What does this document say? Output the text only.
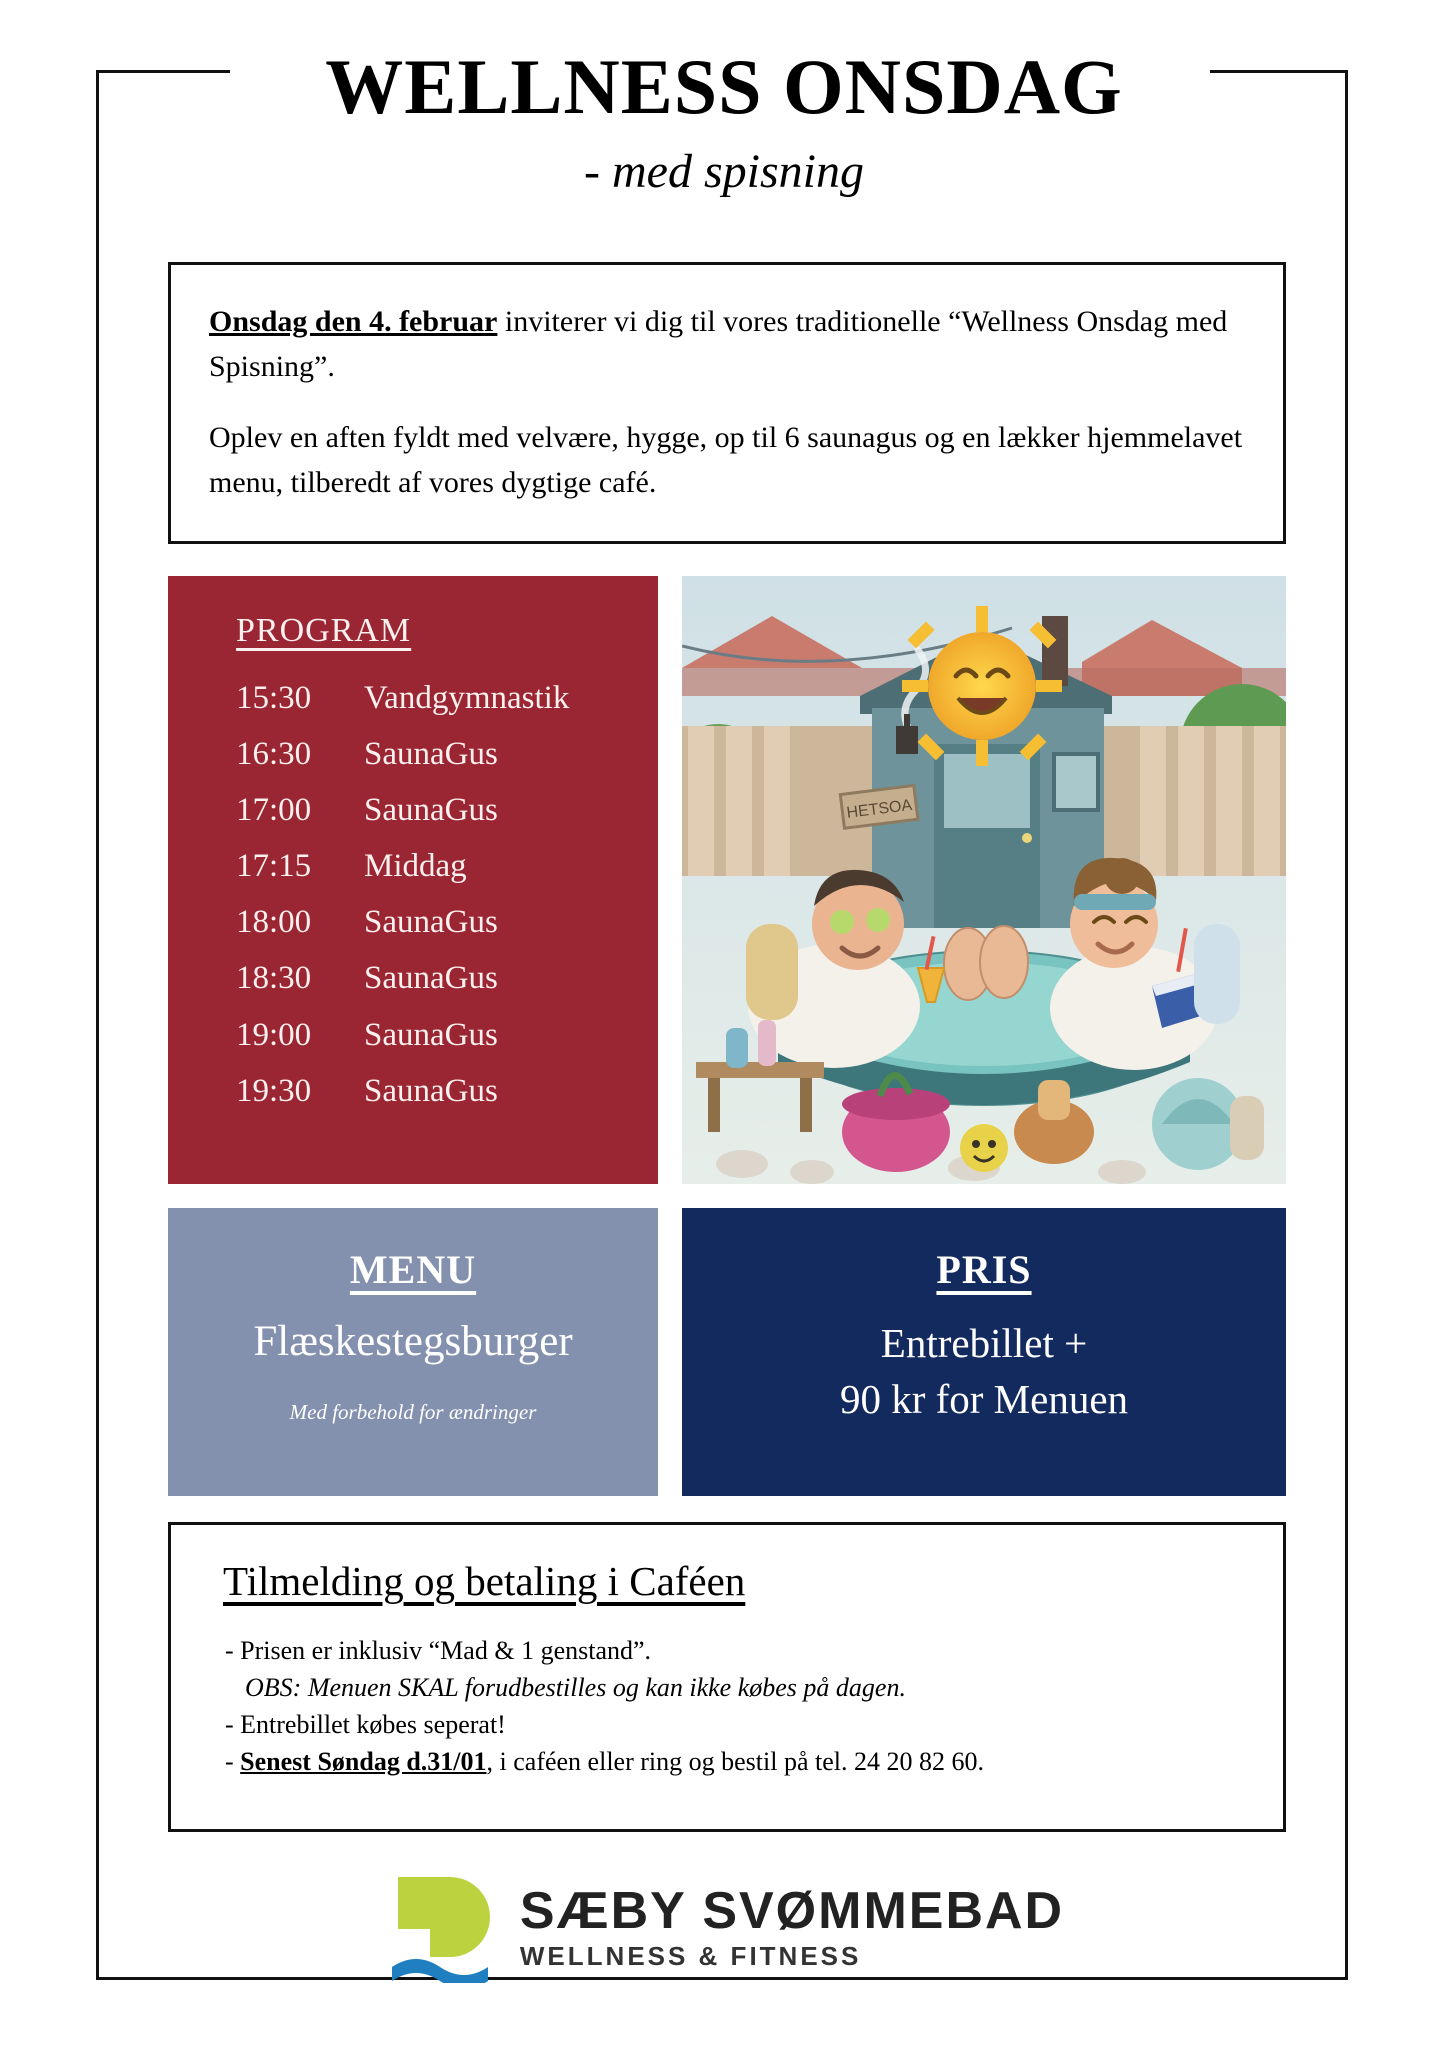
WELLNESS ONSDAG
- med spisning

Onsdag den 4. februar inviterer vi dig til vores traditionelle “Wellness Onsdag med Spisning”.

Oplev en aften fyldt med velvære, hygge, op til 6 saunagus og en lækker hjemmelavet menu, tilberedt af vores dygtige café.

PROGRAM
15:30	Vandgymnastik
16:30	SaunaGus
17:00	SaunaGus
17:15	Middag
18:00	SaunaGus
18:30	SaunaGus
19:00	SaunaGus
19:30	SaunaGus
HETSOA
MENU
Flæskestegsburger
Med forbehold for ændringer
PRIS
Entrebillet +
90 kr for Menuen
Tilmelding og betaling i Caféen
- Prisen er inklusiv “Mad & 1 genstand”.
OBS: Menuen SKAL forudbestilles og kan ikke købes på dagen.
- Entrebillet købes seperat!
- Senest Søndag d.31/01, i caféen eller ring og bestil på tel. 24 20 82 60.
SÆBY SVØMMEBAD
WELLNESS & FITNESS
